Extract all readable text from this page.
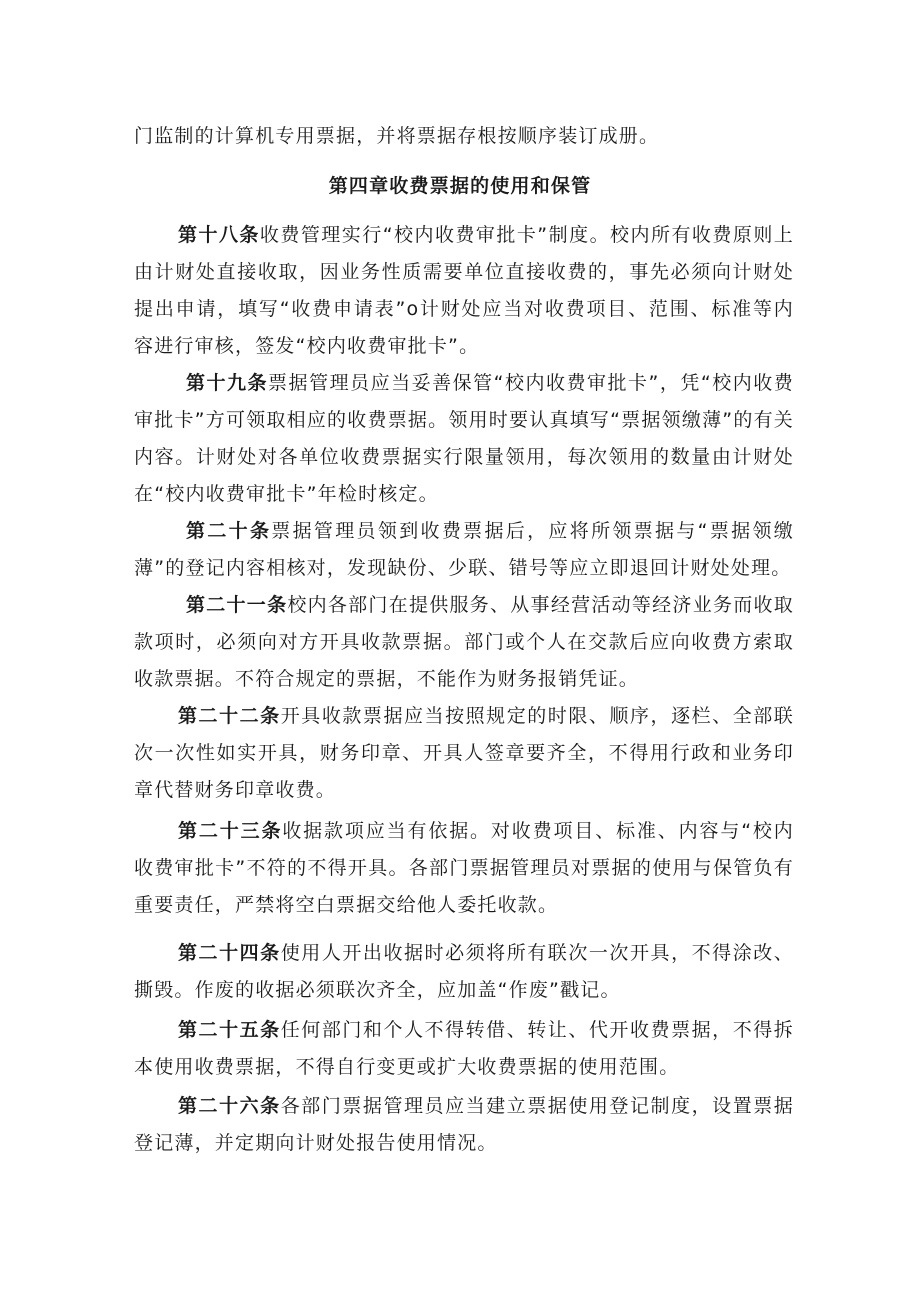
门监制的计算机专用票据，并将票据存根按顺序装订成册。

第四章收费票据的使用和保管

第十八条收费管理实行“校内收费审批卡”制度。校内所有收费原则上由计财处直接收取，因业务性质需要单位直接收费的，事先必须向计财处提出申请，填写“收费申请表”o计财处应当对收费项目、范围、标准等内容进行审核，签发“校内收费审批卡”。

第十九条票据管理员应当妥善保管“校内收费审批卡”，凭“校内收费审批卡”方可领取相应的收费票据。领用时要认真填写“票据领缴薄”的有关内容。计财处对各单位收费票据实行限量领用，每次领用的数量由计财处在“校内收费审批卡”年检时核定。

第二十条票据管理员领到收费票据后，应将所领票据与“票据领缴薄”的登记内容相核对，发现缺份、少联、错号等应立即退回计财处处理。

第二十一条校内各部门在提供服务、从事经营活动等经济业务而收取款项时，必须向对方开具收款票据。部门或个人在交款后应向收费方索取收款票据。不符合规定的票据，不能作为财务报销凭证。

第二十二条开具收款票据应当按照规定的时限、顺序，逐栏、全部联次一次性如实开具，财务印章、开具人签章要齐全，不得用行政和业务印章代替财务印章收费。

第二十三条收据款项应当有依据。对收费项目、标准、内容与“校内收费审批卡”不符的不得开具。各部门票据管理员对票据的使用与保管负有重要责任，严禁将空白票据交给他人委托收款。

第二十四条使用人开出收据时必须将所有联次一次开具，不得涂改、撕毁。作废的收据必须联次齐全，应加盖“作废”戳记。

第二十五条任何部门和个人不得转借、转让、代开收费票据，不得拆本使用收费票据，不得自行变更或扩大收费票据的使用范围。

第二十六条各部门票据管理员应当建立票据使用登记制度，设置票据登记薄，并定期向计财处报告使用情况。
